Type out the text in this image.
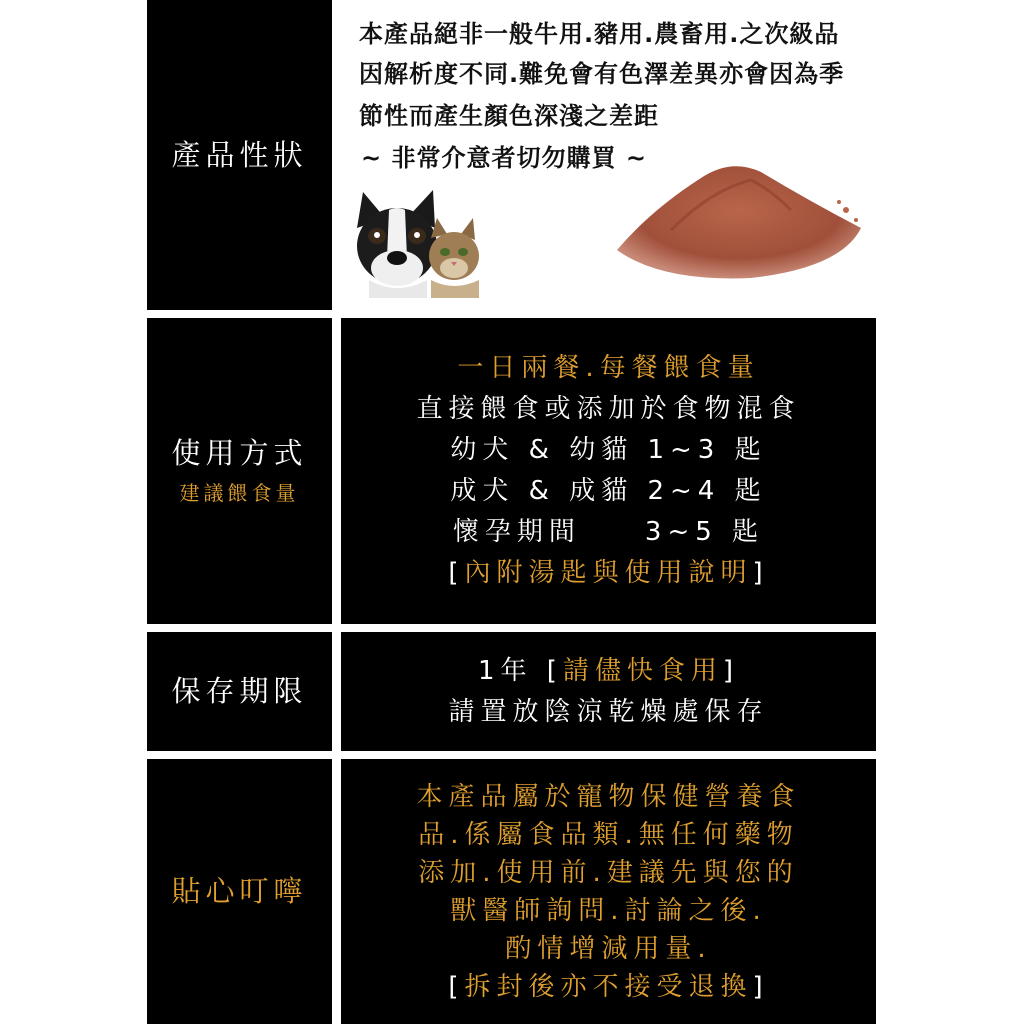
產品性狀
本產品絕非一般牛用.豬用.農畜用.之次級品
因解析度不同.難免會有色澤差異亦會因為季
節性而產生顏色深淺之差距
~ 非常介意者切勿購買 ~
使用方式
建議餵食量
一日兩餐.每餐餵食量
直接餵食或添加於食物混食
幼犬 & 幼貓 1~3 匙
成犬 & 成貓 2~4 匙
懷孕期間　　3~5 匙
[內附湯匙與使用說明]
保存期限
1年 [請儘快食用]
請置放陰涼乾燥處保存
貼心叮嚀
本產品屬於寵物保健營養食
品.係屬食品類.無任何藥物
添加.使用前.建議先與您的
獸醫師詢問.討論之後.
酌情增減用量.
[拆封後亦不接受退換]
